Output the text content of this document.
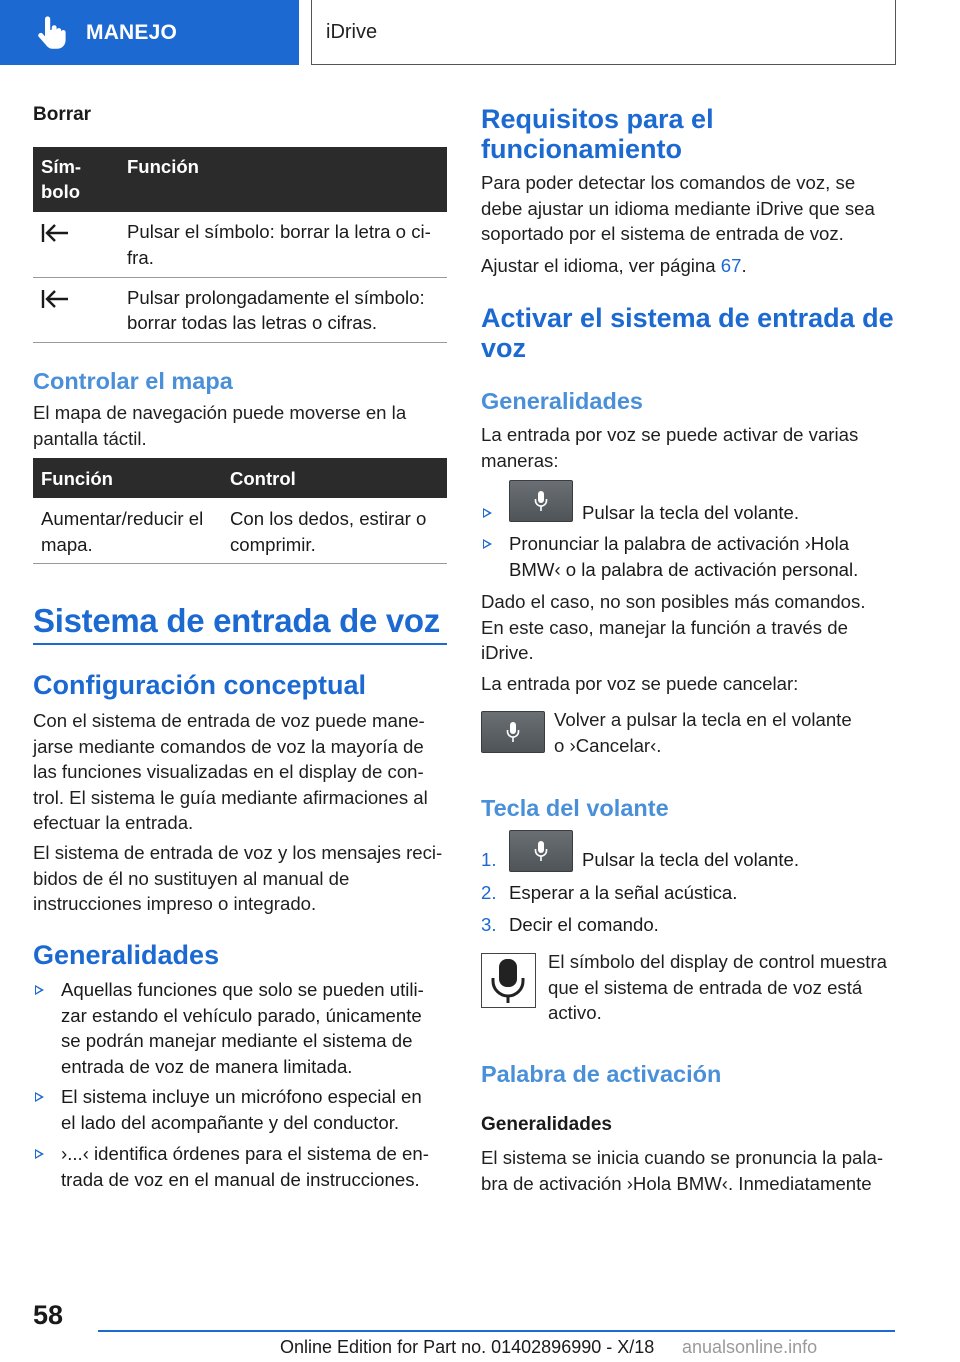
MANEJO	iDrive
Borrar
Sím-
bolo	Función
	Pulsar el símbolo: borrar la letra o ci-
fra.
	Pulsar prolongadamente el símbolo:
borrar todas las letras o cifras.
Controlar el mapa
El mapa de navegación puede moverse en la
pantalla táctil.
Función	Control
Aumentar/reducir el
mapa.	Con los dedos, estirar o
comprimir.
Sistema de entrada de voz
Configuración conceptual
Con el sistema de entrada de voz puede mane-
jarse mediante comandos de voz la mayoría de
las funciones visualizadas en el display de con-
trol. El sistema le guía mediante afirmaciones al
efectuar la entrada.
El sistema de entrada de voz y los mensajes reci-
bidos de él no sustituyen al manual de
instrucciones impreso o integrado.
Generalidades
Aquellas funciones que solo se pueden utili-
zar estando el vehículo parado, únicamente
se podrán manejar mediante el sistema de
entrada de voz de manera limitada.
El sistema incluye un micrófono especial en
el lado del acompañante y del conductor.
›...‹ identifica órdenes para el sistema de en-
trada de voz en el manual de instrucciones.
Requisitos para el
funcionamiento
Para poder detectar los comandos de voz, se
debe ajustar un idioma mediante iDrive que sea
soportado por el sistema de entrada de voz.
Ajustar el idioma, ver página 67.
Activar el sistema de entrada de
voz
Generalidades
La entrada por voz se puede activar de varias
maneras:
Pulsar la tecla del volante.
Pronunciar la palabra de activación ›Hola
BMW‹ o la palabra de activación personal.
Dado el caso, no son posibles más comandos.
En este caso, manejar la función a través de
iDrive.
La entrada por voz se puede cancelar:
Volver a pulsar la tecla en el volante
o ›Cancelar‹.
Tecla del volante
1.	Pulsar la tecla del volante.
2. Esperar a la señal acústica.
3. Decir el comando.
El símbolo del display de control muestra
que el sistema de entrada de voz está
activo.
Palabra de activación
Generalidades
El sistema se inicia cuando se pronuncia la pala-
bra de activación ›Hola BMW‹. Inmediatamente
58
Online Edition for Part no. 01402896990 - X/18 anualsonline.info
